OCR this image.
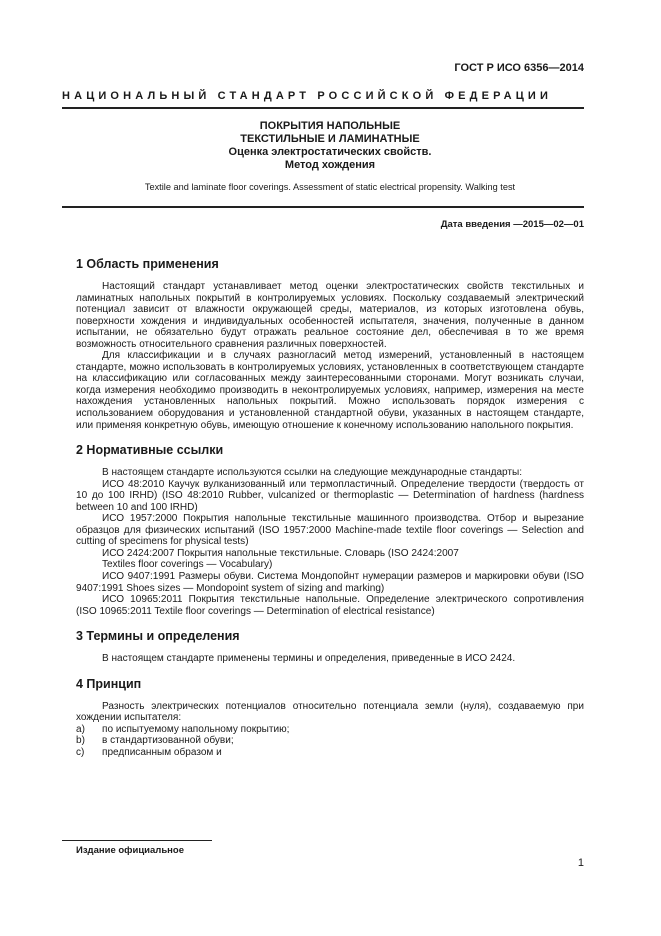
ГОСТ Р ИСО 6356—2014
НАЦИОНАЛЬНЫЙ СТАНДАРТ РОССИЙСКОЙ ФЕДЕРАЦИИ
ПОКРЫТИЯ НАПОЛЬНЫЕ
ТЕКСТИЛЬНЫЕ И ЛАМИНАТНЫЕ
Оценка электростатических свойств.
Метод хождения
Textile and laminate floor coverings. Assessment of static electrical propensity. Walking test
Дата введения —2015—02—01
1 Область применения

Настоящий стандарт устанавливает метод оценки электростатических свойств текстильных и ламинатных напольных покрытий в контролируемых условиях. Поскольку создаваемый электрический потенциал зависит от влажности окружающей среды, материалов, из которых изготовлена обувь, поверхности хождения и индивидуальных особенностей испытателя, значения, полученные в данном испытании, не обязательно будут отражать реальное состояние дел, обеспечивая в то же время возможность относительного сравнения различных поверхностей.

Для классификации и в случаях разногласий метод измерений, установленный в настоящем стандарте, можно использовать в контролируемых условиях, установленных в соответствующем стандарте на классификацию или согласованных между заинтересованными сторонами. Могут возникать случаи, когда измерения необходимо производить в неконтролируемых условиях, например, измерения на месте нахождения установленных напольных покрытий. Можно использовать порядок измерения с использованием оборудования и установленной стандартной обуви, указанных в настоящем стандарте, или применяя конкретную обувь, имеющую отношение к конечному использованию напольного покрытия.

2 Нормативные ссылки

В настоящем стандарте используются ссылки на следующие международные стандарты:

ИСО 48:2010 Каучук вулканизованный или термопластичный. Определение твердости (твердость от 10 до 100 IRHD) (ISO 48:2010 Rubber, vulcanized or thermoplastic — Determination of hardness (hardness between 10 and 100 IRHD)

ИСО 1957:2000 Покрытия напольные текстильные машинного производства. Отбор и вырезание образцов для физических испытаний (ISO 1957:2000 Machine-made textile floor coverings — Selection and cutting of specimens for physical tests)

ИСО 2424:2007 Покрытия напольные текстильные. Словарь (ISO 2424:2007

Textiles floor coverings — Vocabulary)

ИСО 9407:1991 Размеры обуви. Система Мондопойнт нумерации размеров и маркировки обуви (ISO 9407:1991 Shoes sizes — Mondopoint system of sizing and marking)

ИСО 10965:2011 Покрытия текстильные напольные. Определение электрического сопротивления (ISO 10965:2011 Textile floor coverings — Determination of electrical resistance)

3 Термины и определения

В настоящем стандарте применены термины и определения, приведенные в ИСО 2424.

4 Принцип

Разность электрических потенциалов относительно потенциала земли (нуля), создаваемую при хождении испытателя:

а)	по испытуемому напольному покрытию;
b)	в стандартизованной обуви;
c)	предписанным образом и
Издание официальное
1
